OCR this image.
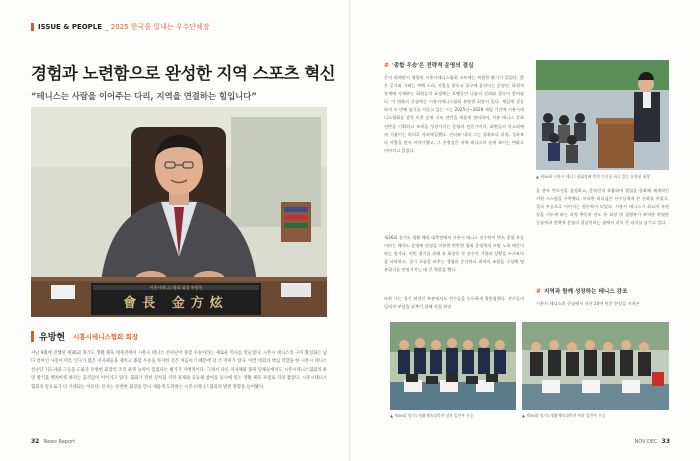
ISSUE & PEOPLE _ 2025 한국을 빛내는 우수단체장
경험과 노련함으로 완성한 지역 스포츠 혁신
“테니스는 사람을 이어주는 다리, 지역을 연결하는 힘입니다”
시흥시테니스협회 회장 유방현
會長 金方炫
유방현 시흥시테니스협회 회장
지난 9월에 진행된 제36회 경기도 생활 체육 대축전에서 시흥시 테니스 선수단이 종합 우승이라는 새로운 역사를 만들었다. 시흥시 테니스의 구미 활성화는 남다 얼마인 사실이지만, 인구가 많은 지자체들을 제치고 종합 우승을 차지한 것은 처음이기 때문에 더 큰 의미가 있다. 이번 대회의 핵심 역할을 한 시흥시 테니스 선수단 지도자와 그들을 도와준 유방현 회장의 조직 운영 능력이 있었다는 평가가 지배적이다. 그래서 다른 지자체와 종목 단체들에서도 시흥시테니스협회의 운영 방식을 벤치마킹 하려는 움직임이 이어지고 있다. 협회가 전한 것처럼 지역 경제와 공동체 참여를 동시에 잇는 생활 체육 모델로 자리 잡았다. 시흥시테니스협회의 앞으로가 더 기대되는 이유다. 본지는 유방현 회장을 만나 새롭게 도약하는 시흥시테니스협회의 발전 방향을 들어봤다.
32 News Report
# '종합 우승'은 전략적 운영의 결실
문지 위에맞이 영광된 시흥시테니스협회 코트에는 특별한 활기가 있었다. 밝은 공기와 가려는 여백 소리, 사람을 맞두고 즐구에 움직이는 운영진. 하위적 통계에 자세하는 회원들의 표정에는 오랫동안 나름의 신뢰와 결속이 묻어났다. 이 변화의 중심에는 시흥시테니스협회 유방현 회장이 있다. 제일에 성공하며 두 번째 임기를 이끌고 있는 그는 2025년~2028 재임 기간에 시흥시테니스협회를 맡은 이후 운영 구조 전반을 새롭게 정비하며, 시흥 테니스 문화 전반을 기획하고 조직을 성장시키는 운영의 전문가이자, 회원들의 목소리에 귀 기울이는 리더로 자리매김했다. 인터뷰 내내 그는 성취보다 과정, 성과보다 사람을 먼저 이야기했고, 그 진정성은 지역 테니스의 눈에 보이는 변화로 이어지고 있었다.
제36회 경기도 생활 체육 대축전에서 시흥시 테니스 선수단이 반드 종합 우승이라는 쾌거도 운영에 헌정을 이룬한 탄탄한 협회 운영력의 모범 노력 때문이라는 평가다. 이번 경기를 위해 유 회장은 각 선수의 기량과 상황을 누구보다 잘 파악하고, 경기 흐름을 바꾸는 경험과 순간마다 최적의 조합을 구성해 팀 분위기를 안정시키는 데 큰 역할을 했다.
또한 그는 경기 외적인 부분에서도 선수들을 든든하게 뒷받침했다. 선수들의 일리적 부담을 낮추기 위해 직접 현장
▲ 제36회 시흥시 테니스협회장배 축전 인사를 하고 있는 유방현 회장
을 찾아 컨디션을 점검하고, 운영진과 호흡하며 협업을 강화해 체계적인 지원 시스템을 구축했다. 이러한 리더십은 선수들에게 큰 신뢰를 주었고, 결국 우승으로 이어지는 원동력이 되었다. 시흥시 테니스가 최고의 자원 상을 거두게 하는 과정 추동의 선도 유 회장 및 집행부가 보여준 탁월한 동솔력과 전략적 운영의 결실이라는 점에서 더욱 큰 의미를 남기고 있다.
# 지역과 함께 성장하는 테니스 강조
시흥시 테니스의 중심에서 지난 20여 년간 현장을 지켜온
▲ 제36회 경기도생활체육대축전 남자 일반부 우승	▲ 제36회 경기도생활체육대축전 여자 일반부 우승
NOV·DEC 33
